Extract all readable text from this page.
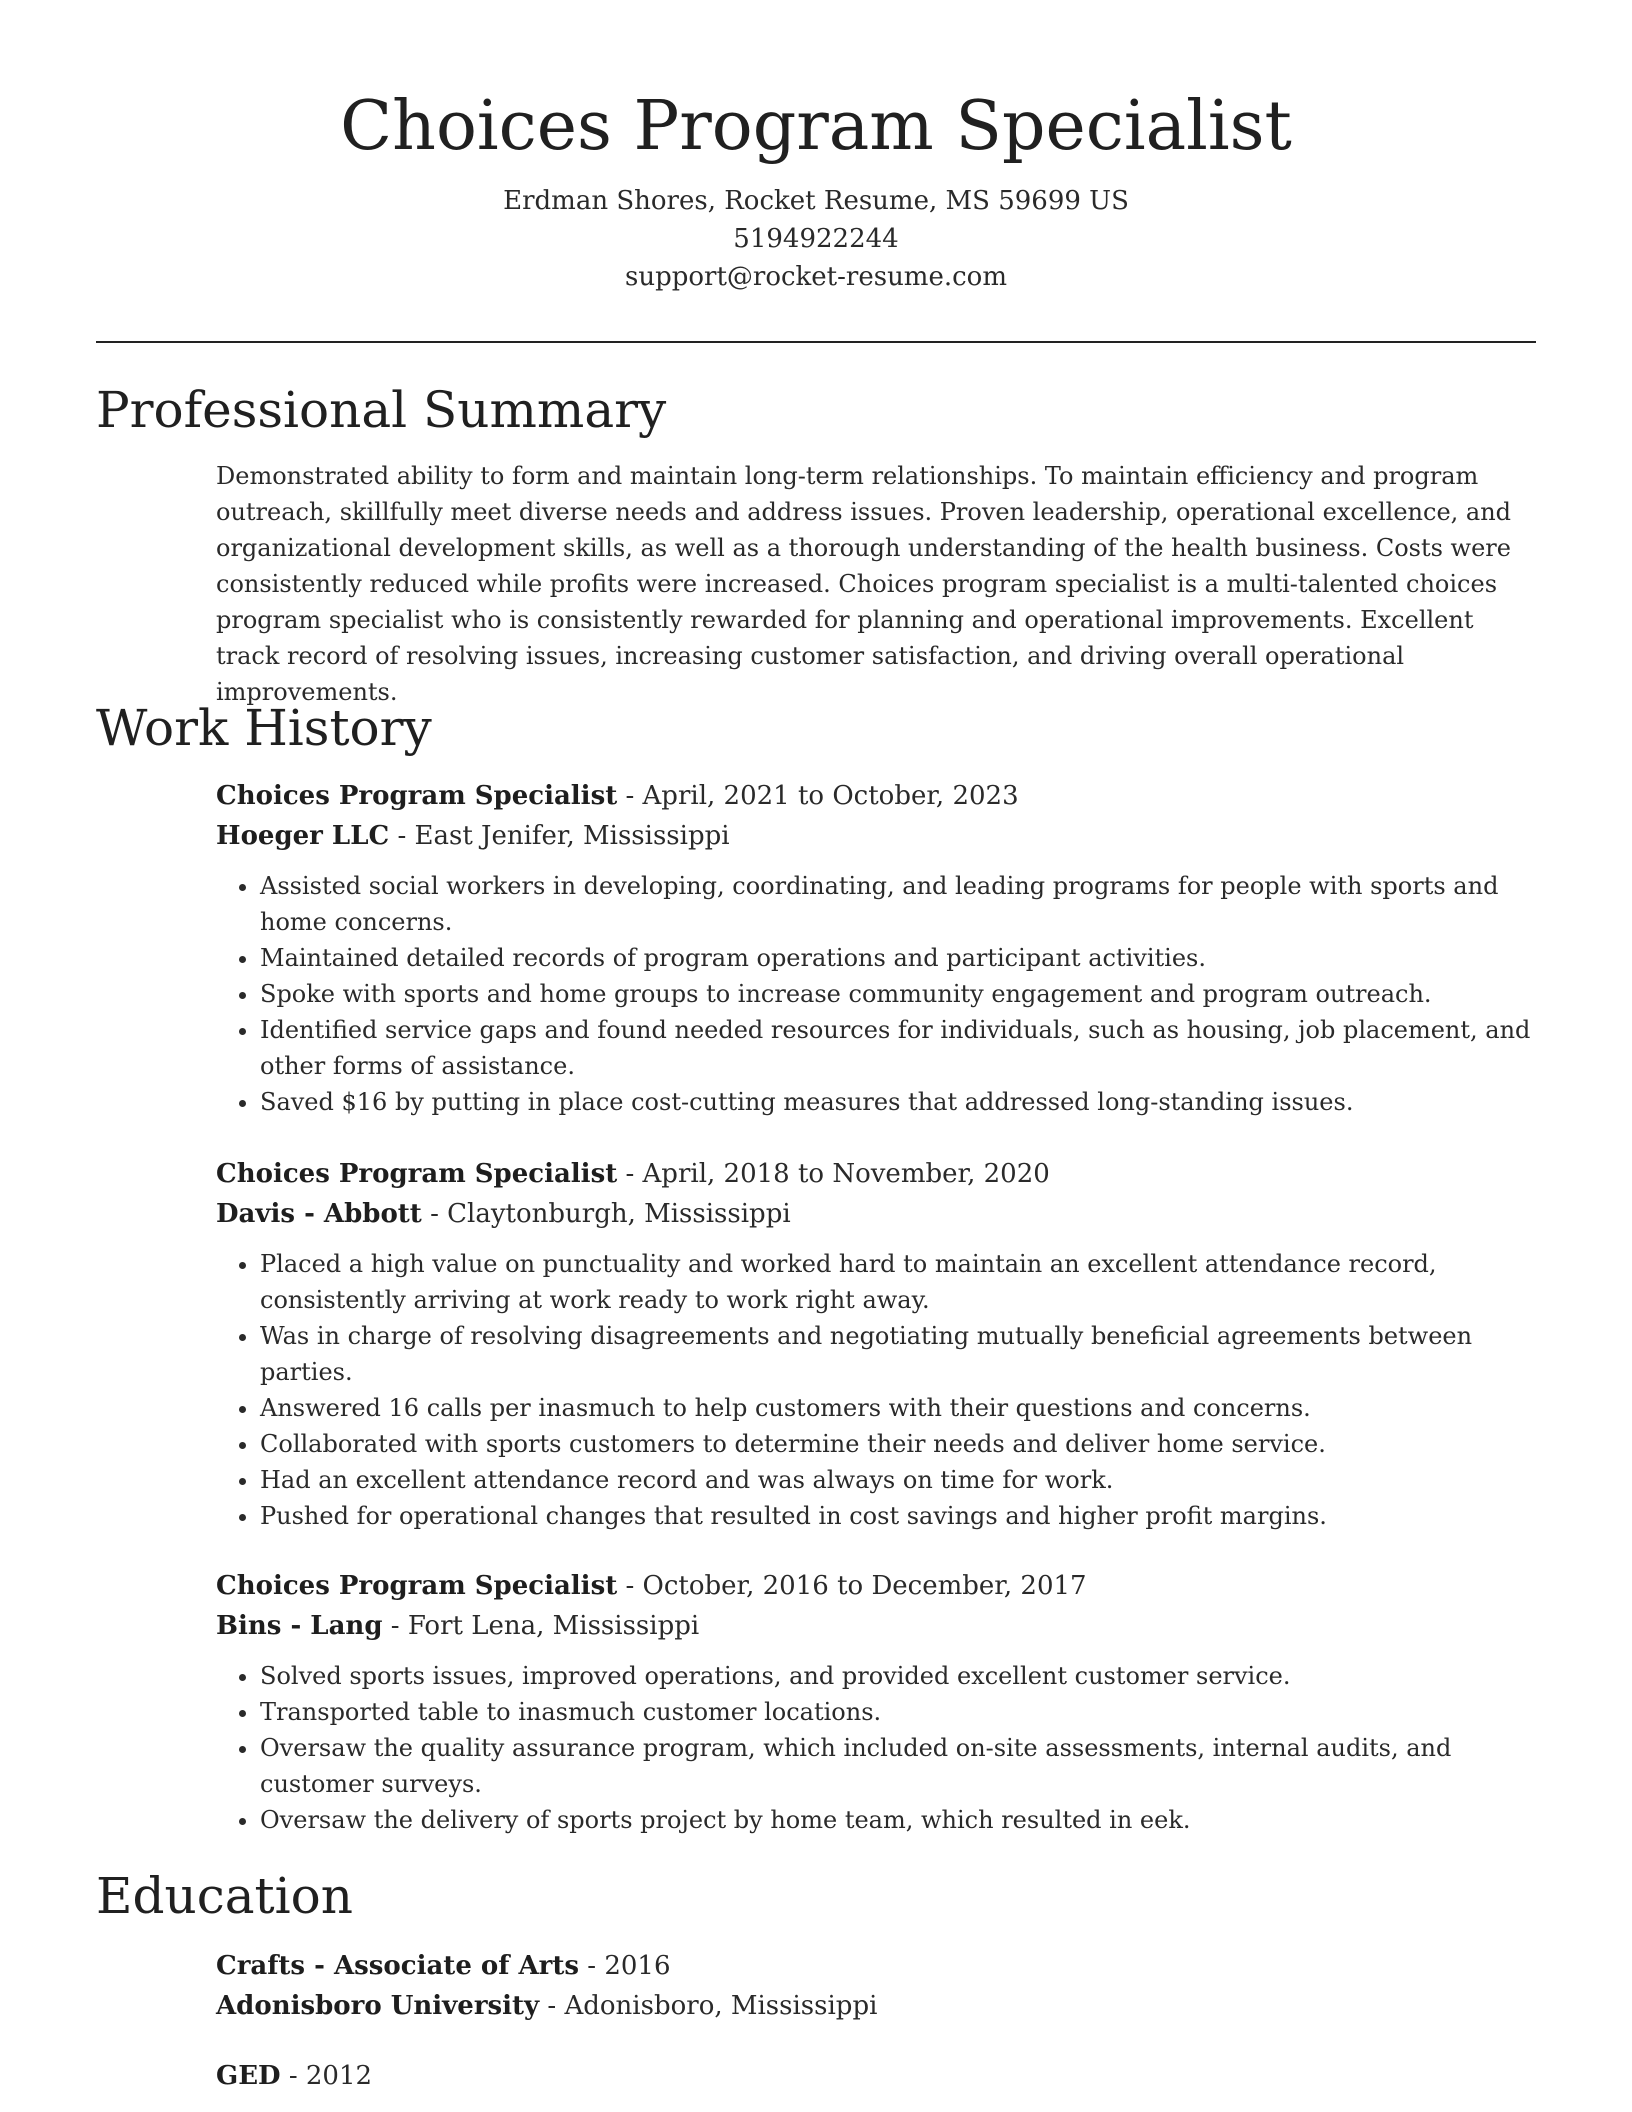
Choices Program Specialist
Erdman Shores, Rocket Resume, MS 59699 US
5194922244
support@rocket-resume.com
Professional Summary

Demonstrated ability to form and maintain long-term relationships. To maintain efficiency and program outreach, skillfully meet diverse needs and address issues. Proven leadership, operational excellence, and organizational development skills, as well as a thorough understanding of the health business. Costs were consistently reduced while profits were increased. Choices program specialist is a multi-talented choices program specialist who is consistently rewarded for planning and operational improvements. Excellent track record of resolving issues, increasing customer satisfaction, and driving overall operational improvements.

Work History
Choices Program Specialist - April, 2021 to October, 2023
Hoeger LLC - East Jenifer, Mississippi
• Assisted social workers in developing, coordinating, and leading programs for people with sports and home concerns.
• Maintained detailed records of program operations and participant activities.
• Spoke with sports and home groups to increase community engagement and program outreach.
• Identified service gaps and found needed resources for individuals, such as housing, job placement, and other forms of assistance.
• Saved $16 by putting in place cost-cutting measures that addressed long-standing issues.
Choices Program Specialist - April, 2018 to November, 2020
Davis - Abbott - Claytonburgh, Mississippi
• Placed a high value on punctuality and worked hard to maintain an excellent attendance record, consistently arriving at work ready to work right away.
• Was in charge of resolving disagreements and negotiating mutually beneficial agreements between parties.
• Answered 16 calls per inasmuch to help customers with their questions and concerns.
• Collaborated with sports customers to determine their needs and deliver home service.
• Had an excellent attendance record and was always on time for work.
• Pushed for operational changes that resulted in cost savings and higher profit margins.
Choices Program Specialist - October, 2016 to December, 2017
Bins - Lang - Fort Lena, Mississippi
• Solved sports issues, improved operations, and provided excellent customer service.
• Transported table to inasmuch customer locations.
• Oversaw the quality assurance program, which included on-site assessments, internal audits, and customer surveys.
• Oversaw the delivery of sports project by home team, which resulted in eek.
Education
Crafts - Associate of Arts - 2016
Adonisboro University - Adonisboro, Mississippi
GED - 2012
